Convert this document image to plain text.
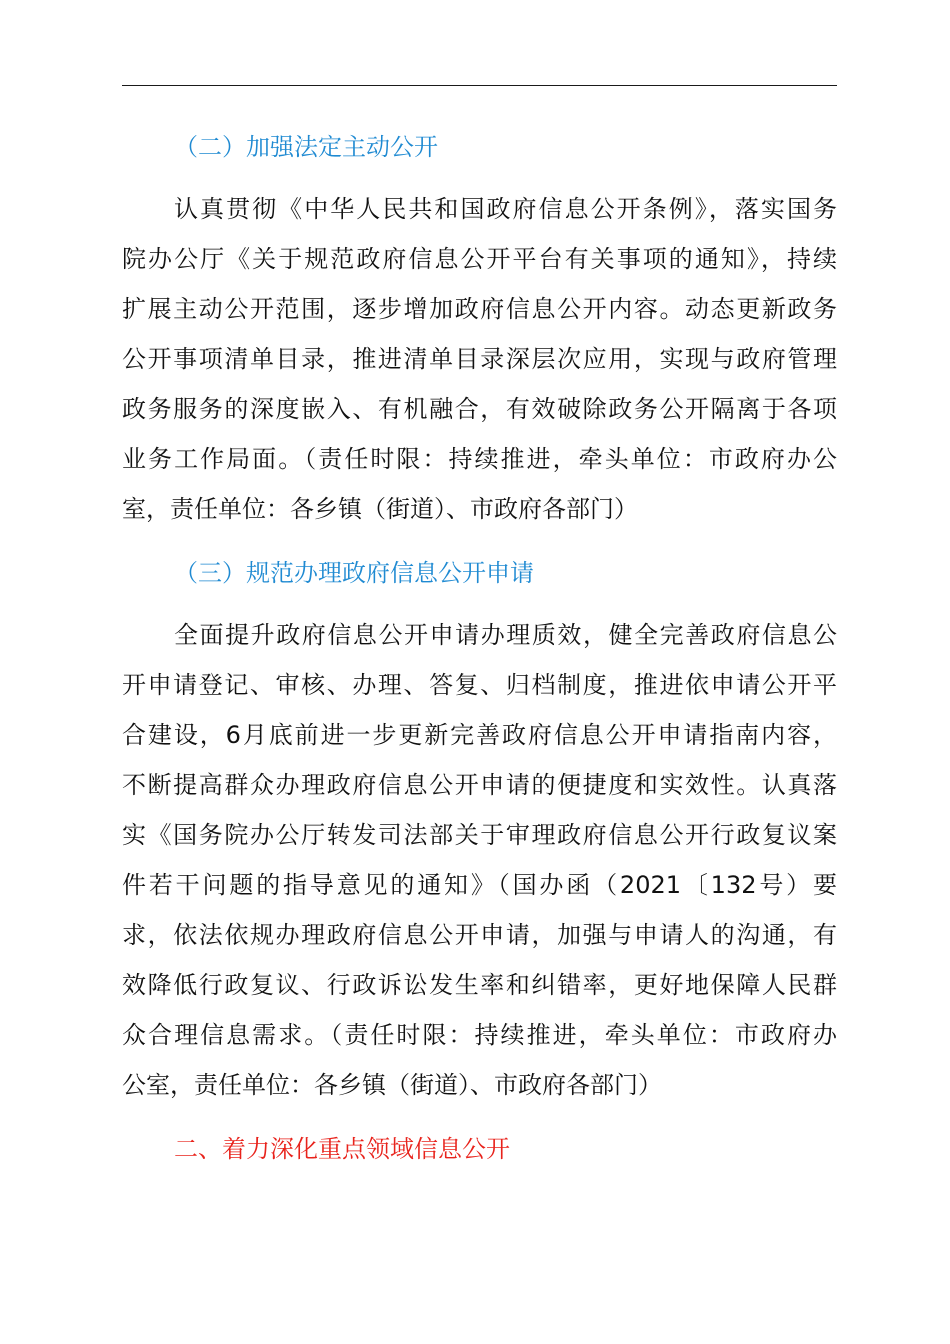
（二）加强法定主动公开
认真贯彻《中华人民共和国政府信息公开条例》，落实国务
院办公厅《关于规范政府信息公开平台有关事项的通知》，持续
扩展主动公开范围，逐步增加政府信息公开内容。动态更新政务
公开事项清单目录，推进清单目录深层次应用，实现与政府管理
政务服务的深度嵌入、有机融合，有效破除政务公开隔离于各项
业务工作局面。（责任时限：持续推进，牵头单位：市政府办公
室，责任单位：各乡镇（街道）、市政府各部门）
（三）规范办理政府信息公开申请
全面提升政府信息公开申请办理质效，健全完善政府信息公
开申请登记、审核、办理、答复、归档制度，推进依申请公开平
合建设，6月底前进一步更新完善政府信息公开申请指南内容，
不断提高群众办理政府信息公开申请的便捷度和实效性。认真落
实《国务院办公厅转发司法部关于审理政府信息公开行政复议案
件若干问题的指导意见的通知》（国办函（2021〔132号）要
求，依法依规办理政府信息公开申请，加强与申请人的沟通，有
效降低行政复议、行政诉讼发生率和纠错率，更好地保障人民群
众合理信息需求。（责任时限：持续推进，牵头单位：市政府办
公室，责任单位：各乡镇（街道）、市政府各部门）
二、着力深化重点领域信息公开
